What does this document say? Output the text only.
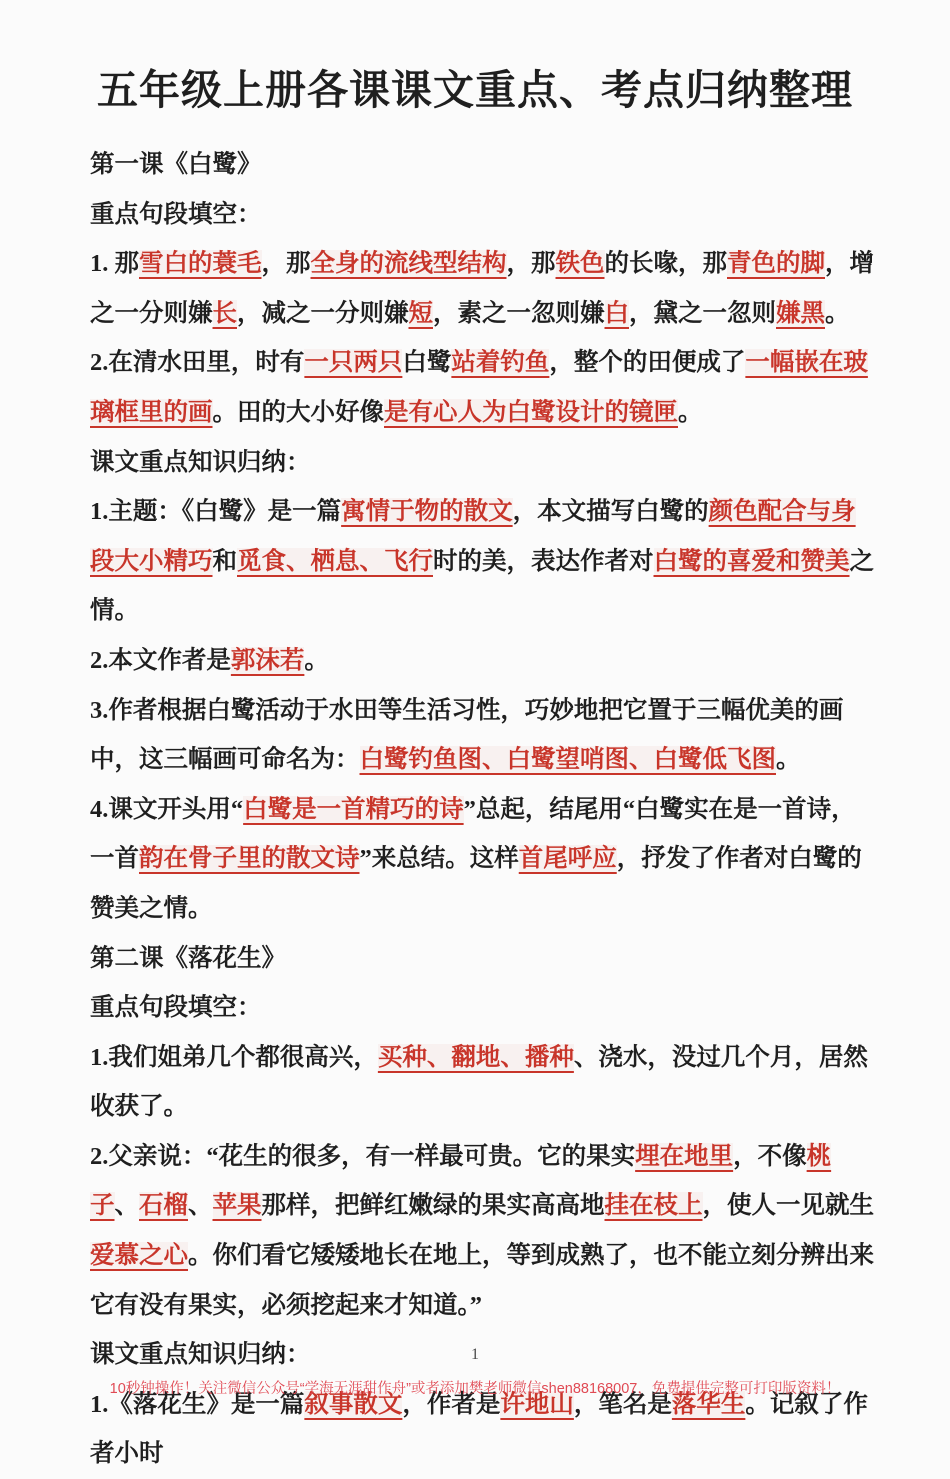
五年级上册各课课文重点、考点归纳整理
第一课《白鹭》
重点句段填空：
1. 那雪白的蓑毛，那全身的流线型结构，那铁色的长喙，那青色的脚，增之一分则嫌长，减之一分则嫌短，素之一忽则嫌白，黛之一忽则嫌黑。
2.在清水田里，时有一只两只白鹭站着钓鱼，整个的田便成了一幅嵌在玻璃框里的画。田的大小好像是有心人为白鹭设计的镜匣。
课文重点知识归纳：
1.主题：《白鹭》是一篇寓情于物的散文，本文描写白鹭的颜色配合与身段大小精巧和觅食、栖息、飞行时的美，表达作者对白鹭的喜爱和赞美之情。
2.本文作者是郭沫若。
3.作者根据白鹭活动于水田等生活习性，巧妙地把它置于三幅优美的画中，这三幅画可命名为：白鹭钓鱼图、白鹭望哨图、白鹭低飞图。
4.课文开头用“白鹭是一首精巧的诗”总起，结尾用“白鹭实在是一首诗，一首韵在骨子里的散文诗”来总结。这样首尾呼应，抒发了作者对白鹭的赞美之情。
第二课《落花生》
重点句段填空：
1.我们姐弟几个都很高兴，买种、翻地、播种、浇水，没过几个月，居然收获了。
2.父亲说：“花生的很多，有一样最可贵。它的果实埋在地里，不像桃子、石榴、苹果那样，把鲜红嫩绿的果实高高地挂在枝上，使人一见就生爱慕之心。你们看它矮矮地长在地上，等到成熟了，也不能立刻分辨出来它有没有果实，必须挖起来才知道。”
课文重点知识归纳：
1.《落花生》是一篇叙事散文，作者是许地山，笔名是落华生。记叙了作者小时
1
10秒钟操作！关注微信公众号“学海无涯甜作舟”或者添加樊老师微信shen88168007，免费提供完整可打印版资料！
